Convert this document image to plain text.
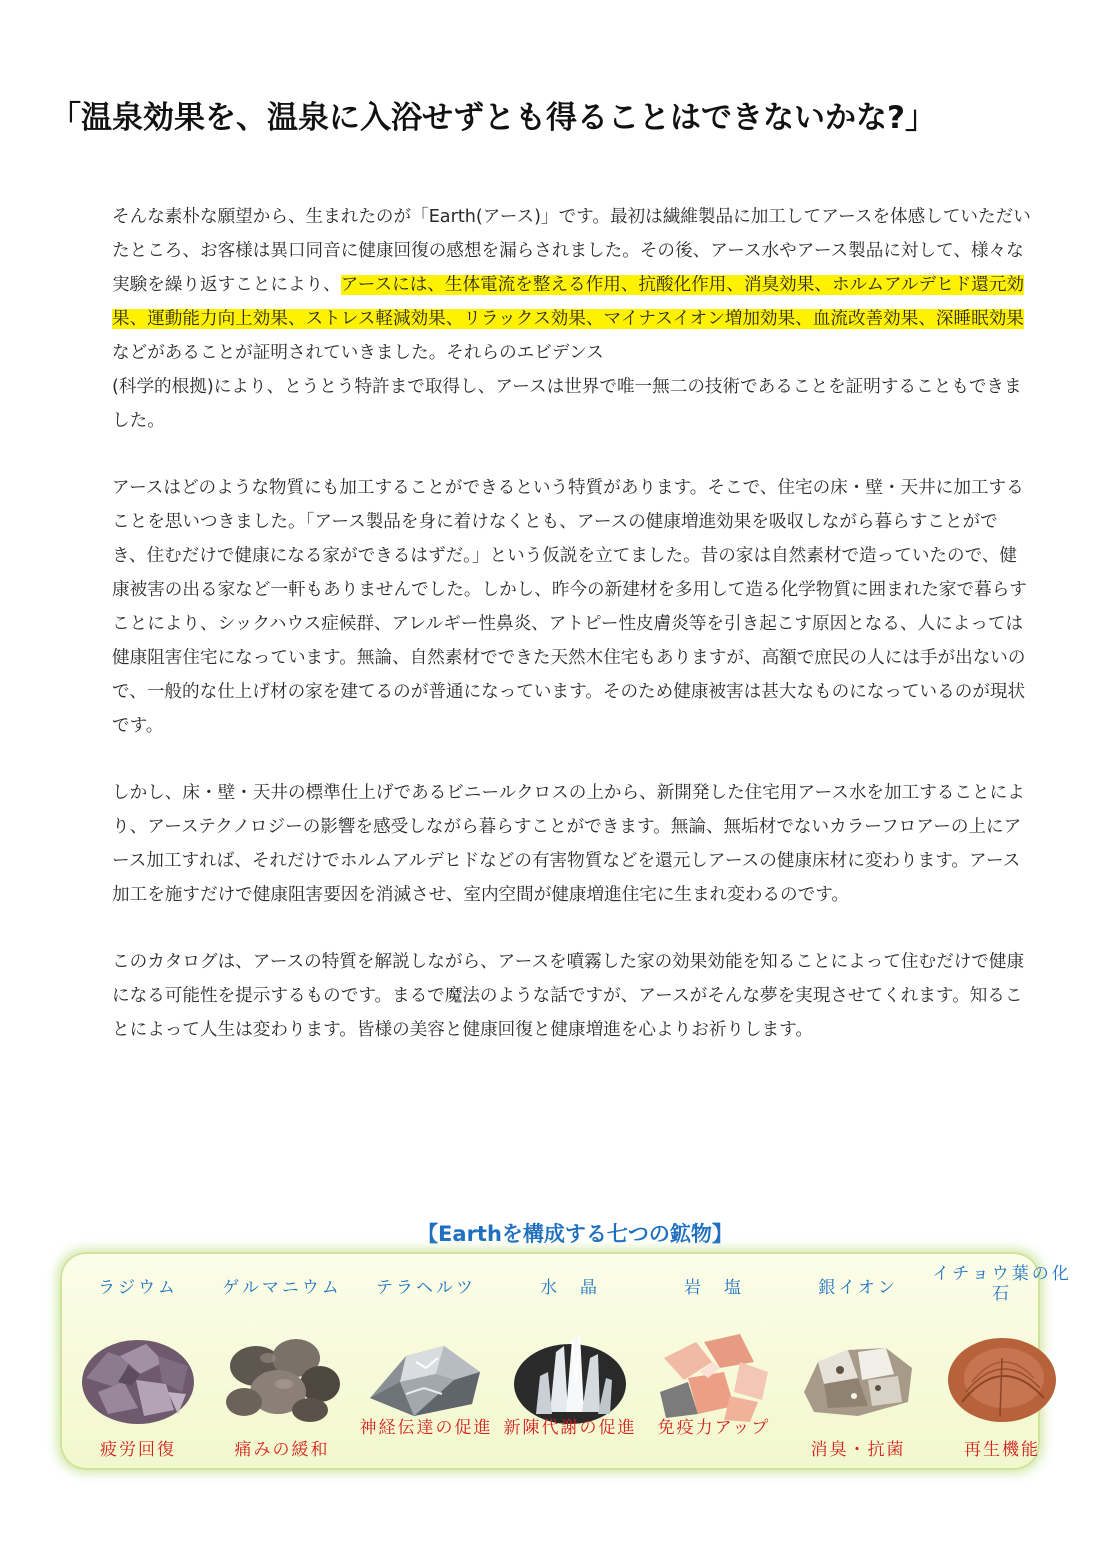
「温泉効果を、温泉に入浴せずとも得ることはできないかな?」

そんな素朴な願望から、生まれたのが「Earth(アース)」です。最初は繊維製品に加工してアースを体感していただいたところ、お客様は異口同音に健康回復の感想を漏らされました。その後、アース水やアース製品に対して、様々な実験を繰り返すことにより、アースには、生体電流を整える作用、抗酸化作用、消臭効果、ホルムアルデヒド還元効果、運動能力向上効果、ストレス軽減効果、リラックス効果、マイナスイオン増加効果、血流改善効果、深睡眠効果などがあることが証明されていきました。それらのエビデンス
(科学的根拠)により、とうとう特許まで取得し、アースは世界で唯一無二の技術であることを証明することもできました。

アースはどのような物質にも加工することができるという特質があります。そこで、住宅の床・壁・天井に加工することを思いつきました。「アース製品を身に着けなくとも、アースの健康増進効果を吸収しながら暮らすことができ、住むだけで健康になる家ができるはずだ。」という仮説を立てました。昔の家は自然素材で造っていたので、健康被害の出る家など一軒もありませんでした。しかし、昨今の新建材を多用して造る化学物質に囲まれた家で暮らすことにより、シックハウス症候群、アレルギー性鼻炎、アトピー性皮膚炎等を引き起こす原因となる、人によっては健康阻害住宅になっています。無論、自然素材でできた天然木住宅もありますが、高額で庶民の人には手が出ないので、一般的な仕上げ材の家を建てるのが普通になっています。そのため健康被害は甚大なものになっているのが現状です。

しかし、床・壁・天井の標準仕上げであるビニールクロスの上から、新開発した住宅用アース水を加工することにより、アーステクノロジーの影響を感受しながら暮らすことができます。無論、無垢材でないカラーフロアーの上にアース加工すれば、それだけでホルムアルデヒドなどの有害物質などを還元しアースの健康床材に変わります。アース加工を施すだけで健康阻害要因を消滅させ、室内空間が健康増進住宅に生まれ変わるのです。

このカタログは、アースの特質を解説しながら、アースを噴霧した家の効果効能を知ることによって住むだけで健康になる可能性を提示するものです。まるで魔法のような話ですが、アースがそんな夢を実現させてくれます。知ることによって人生は変わります。皆様の美容と健康回復と健康増進を心よりお祈りします。

【Earthを構成する七つの鉱物】
ラジウム
疲労回復
ゲルマニウム
痛みの緩和
テラヘルツ
神経伝達の促進
水　晶
新陳代謝の促進
岩　塩
免疫力アップ
銀イオン
消臭・抗菌
イチョウ葉の化石
再生機能
